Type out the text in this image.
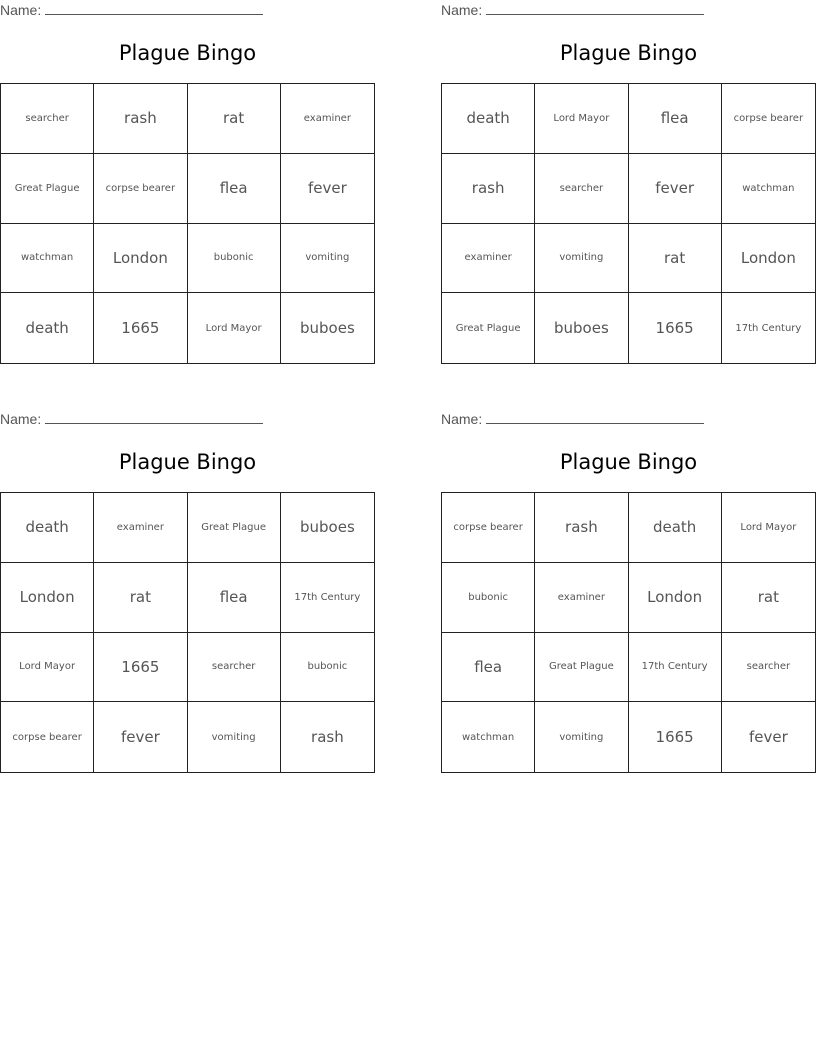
Name:
Plague Bingo
searcher	rash	rat	examiner
Great Plague	corpse bearer	flea	fever
watchman	London	bubonic	vomiting
death	1665	Lord Mayor	buboes
Name:
Plague Bingo
death	Lord Mayor	flea	corpse bearer
rash	searcher	fever	watchman
examiner	vomiting	rat	London
Great Plague	buboes	1665	17th Century
Name:
Plague Bingo
death	examiner	Great Plague	buboes
London	rat	flea	17th Century
Lord Mayor	1665	searcher	bubonic
corpse bearer	fever	vomiting	rash
Name:
Plague Bingo
corpse bearer	rash	death	Lord Mayor
bubonic	examiner	London	rat
flea	Great Plague	17th Century	searcher
watchman	vomiting	1665	fever
